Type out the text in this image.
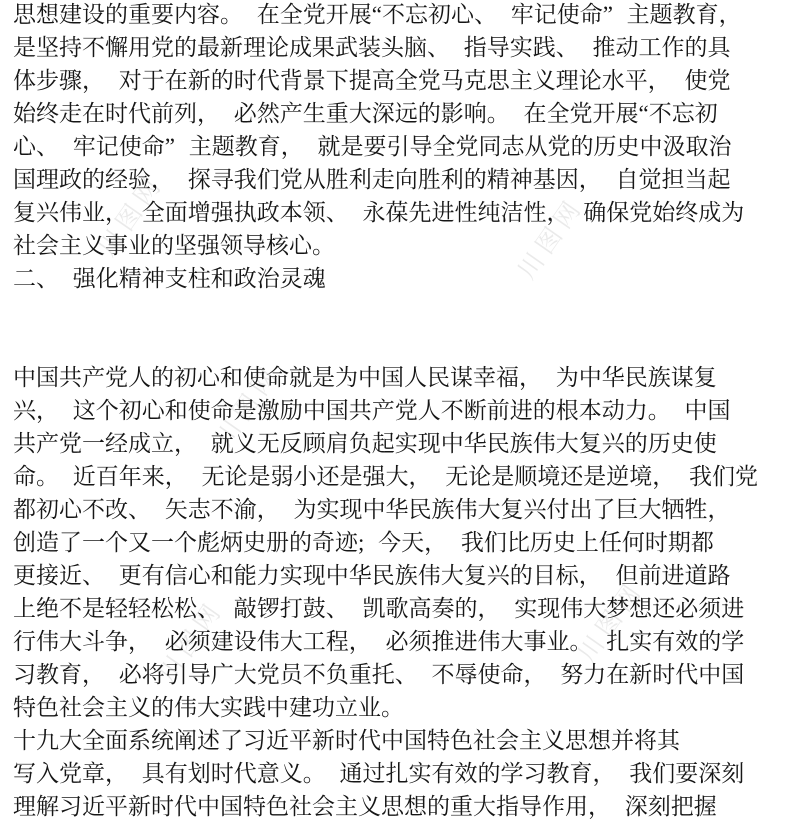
川图网	川图网
川图网
川图网	川图网
思想建设的重要内容。 在全党开展“不忘初心、 牢记使命” 主题教育，
是坚持不懈用党的最新理论成果武装头脑、 指导实践、 推动工作的具
体步骤， 对于在新的时代背景下提高全党马克思主义理论水平， 使党
始终走在时代前列， 必然产生重大深远的影响。 在全党开展“不忘初
心、 牢记使命” 主题教育， 就是要引导全党同志从党的历史中汲取治
国理政的经验， 探寻我们党从胜利走向胜利的精神基因， 自觉担当起
复兴伟业， 全面增强执政本领、 永葆先进性纯洁性， 确保党始终成为
社会主义事业的坚强领导核心。
二、 强化精神支柱和政治灵魂
中国共产党人的初心和使命就是为中国人民谋幸福， 为中华民族谋复
兴， 这个初心和使命是激励中国共产党人不断前进的根本动力。 中国
共产党一经成立， 就义无反顾肩负起实现中华民族伟大复兴的历史使
命。 近百年来， 无论是弱小还是强大， 无论是顺境还是逆境， 我们党
都初心不改、 矢志不渝， 为实现中华民族伟大复兴付出了巨大牺牲，
创造了一个又一个彪炳史册的奇迹; 今天， 我们比历史上任何时期都
更接近、 更有信心和能力实现中华民族伟大复兴的目标， 但前进道路
上绝不是轻轻松松、 敲锣打鼓、 凯歌高奏的， 实现伟大梦想还必须进
行伟大斗争， 必须建设伟大工程， 必须推进伟大事业。 扎实有效的学
习教育， 必将引导广大党员不负重托、 不辱使命， 努力在新时代中国
特色社会主义的伟大实践中建功立业。
十九大全面系统阐述了习近平新时代中国特色社会主义思想并将其
写入党章， 具有划时代意义。 通过扎实有效的学习教育， 我们要深刻
理解习近平新时代中国特色社会主义思想的重大指导作用， 深刻把握
